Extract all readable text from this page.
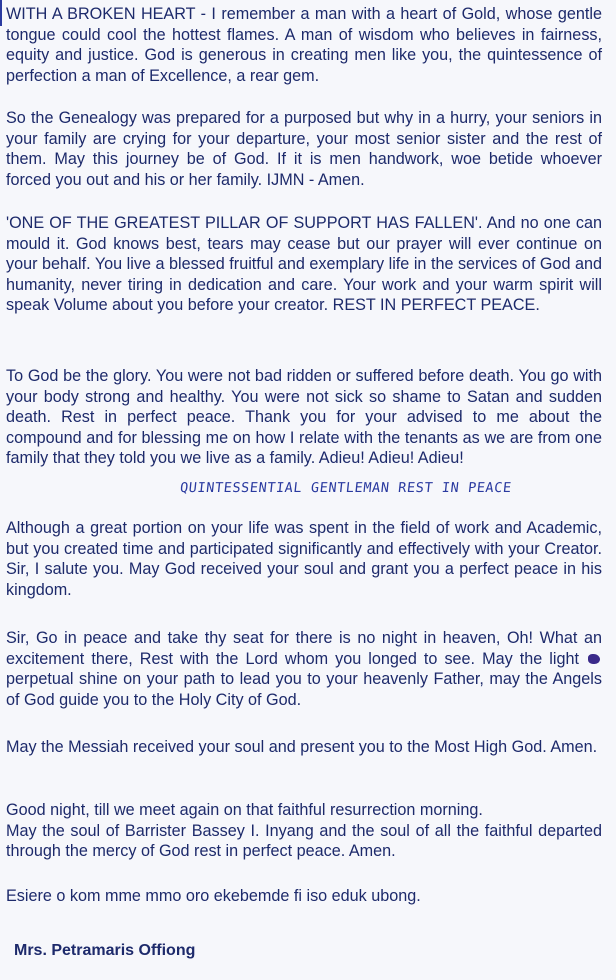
WITH A BROKEN HEART - I remember a man with a heart of Gold, whose gentle tongue could cool the hottest flames. A man of wisdom who believes in fairness, equity and justice. God is generous in creating men like you, the quintessence of perfection a man of Excellence, a rear gem.

So the Genealogy was prepared for a purposed but why in a hurry, your seniors in your family are crying for your departure, your most senior sister and the rest of them. May this journey be of God. If it is men handwork, woe betide whoever forced you out and his or her family. IJMN - Amen.

'ONE OF THE GREATEST PILLAR OF SUPPORT HAS FALLEN'. And no one can mould it. God knows best, tears may cease but our prayer will ever continue on your behalf. You live a blessed fruitful and exemplary life in the services of God and humanity, never tiring in dedication and care. Your work and your warm spirit will speak Volume about you before your creator. REST IN PERFECT PEACE.

To God be the glory. You were not bad ridden or suffered before death. You go with your body strong and healthy. You were not sick so shame to Satan and sudden death. Rest in perfect peace. Thank you for your advised to me about the compound and for blessing me on how I relate with the tenants as we are from one family that they told you we live as a family. Adieu! Adieu! Adieu!

QUINTESSENTIAL GENTLEMAN REST IN PEACE

Although a great portion on your life was spent in the field of work and Academic, but you created time and participated significantly and effectively with your Creator. Sir, I salute you. May God received your soul and grant you a perfect peace in his kingdom.

Sir, Go in peace and take thy seat for there is no night in heaven, Oh! What an excitement there, Rest with the Lord whom you longed to see. May the light  perpetual shine on your path to lead you to your heavenly Father, may the Angels of God guide you to the Holy City of God.

May the Messiah received your soul and present you to the Most High God. Amen.

Good night, till we meet again on that faithful resurrection morning.
May the soul of Barrister Bassey I. Inyang and the soul of all the faithful departed through the mercy of God rest in perfect peace. Amen.

Esiere o kom mme mmo oro ekebemde fi iso eduk ubong.

Mrs. Petramaris Offiong
